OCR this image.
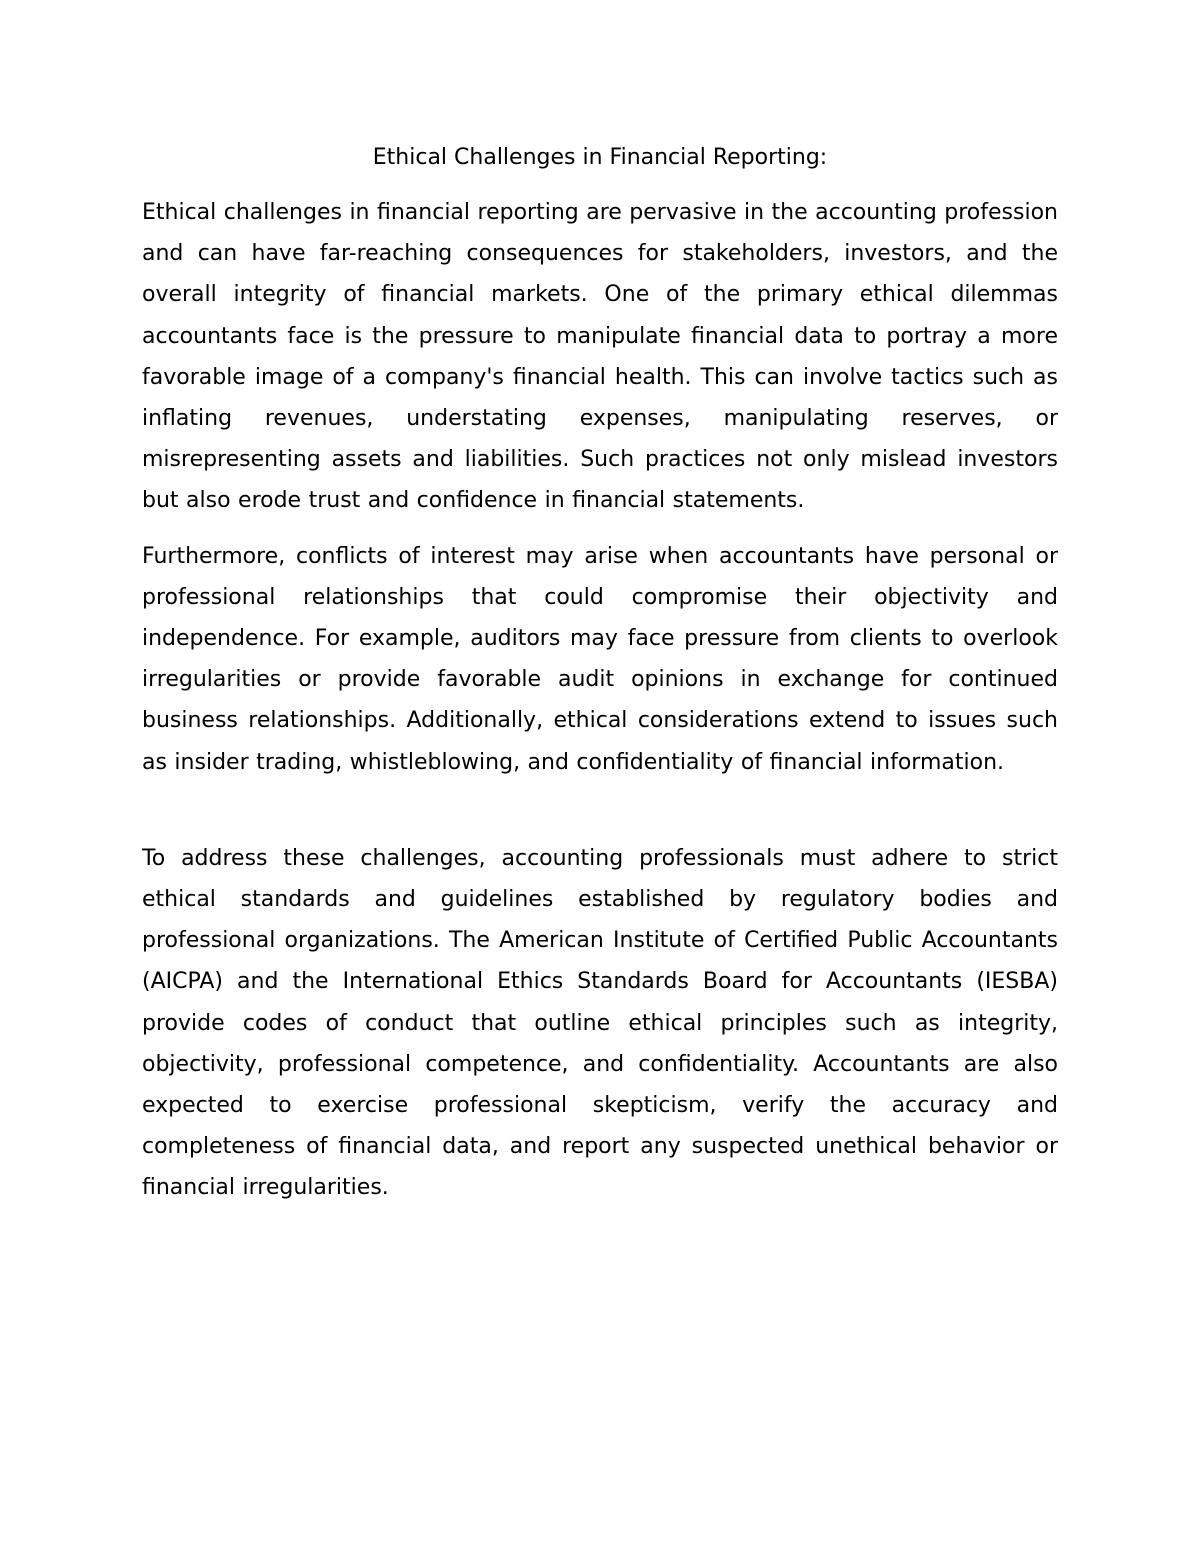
Ethical Challenges in Financial Reporting:

Ethical challenges in financial reporting are pervasive in the accounting profession and can have far-reaching consequences for stakeholders, investors, and the overall integrity of financial markets. One of the primary ethical dilemmas accountants face is the pressure to manipulate financial data to portray a more favorable image of a company's financial health. This can involve tactics such as inflating revenues, understating expenses, manipulating reserves, or misrepresenting assets and liabilities. Such practices not only mislead investors but also erode trust and confidence in financial statements.

Furthermore, conflicts of interest may arise when accountants have personal or professional relationships that could compromise their objectivity and independence. For example, auditors may face pressure from clients to overlook irregularities or provide favorable audit opinions in exchange for continued business relationships. Additionally, ethical considerations extend to issues such as insider trading, whistleblowing, and confidentiality of financial information.

To address these challenges, accounting professionals must adhere to strict ethical standards and guidelines established by regulatory bodies and professional organizations. The American Institute of Certified Public Accountants (AICPA) and the International Ethics Standards Board for Accountants (IESBA) provide codes of conduct that outline ethical principles such as integrity, objectivity, professional competence, and confidentiality. Accountants are also expected to exercise professional skepticism, verify the accuracy and completeness of financial data, and report any suspected unethical behavior or financial irregularities.
